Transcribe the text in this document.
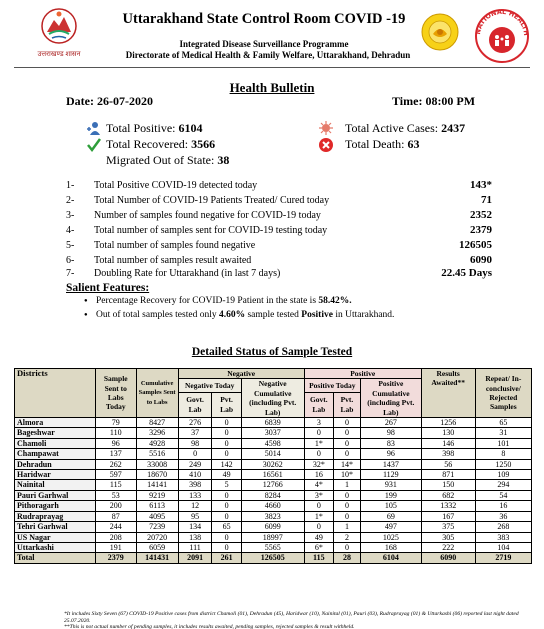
उत्तराखण्ड शासन
Uttarakhand State Control Room COVID -19
Integrated Disease Surveillance Programme
Directorate of Medical Health & Family Welfare, Uttarakhand, Dehradun
NATIONAL HEALTH
Health Bulletin
Date: 26-07-2020	Time: 08:00 PM
Total Positive: 6104
Total Recovered: 3566
Migrated Out of State: 38
Total Active Cases: 2437
Total Death: 63
1- Total Positive COVID-19 detected today	143*
2- Total Number of COVID-19 Patients Treated/ Cured today	71
3- Number of samples found negative for COVID-19 today	2352
4- Total number of samples sent for COVID-19 testing today	2379
5- Total number of samples found negative	126505
6- Total number of samples result awaited	6090
7- Doubling Rate for Uttarakhand (in last 7 days)	22.45 Days
Salient Features:
● Percentage Recovery for COVID-19 Patient in the state is 58.42%.
● Out of total samples tested only 4.60% sample tested Positive in Uttarakhand.
Detailed Status of Sample Tested
Districts	Sample Sent to Labs Today	Cumulative Samples Sent to Labs	Negative			Positive			Results Awaited**	Repeat/ In-conclusive/ Rejected Samples
			Negative Today		Negative Cumulative (including Pvt. Lab)	Positive Today		Positive Cumulative (including Pvt. Lab)		
			Govt. Lab	Pvt. Lab		Govt. Lab	Pvt. Lab			
Almora	79	8427	276	0	6839	3	0	267	1256	65
Bageshwar	110	3296	37	0	3037	0	0	98	130	31
Chamoli	96	4928	98	0	4598	1*	0	83	146	101
Champawat	137	5516	0	0	5014	0	0	96	398	8
Dehradun	262	33008	249	142	30262	32*	14*	1437	56	1250
Haridwar	597	18670	410	49	16561	16	10*	1129	871	109
Nainital	115	14141	398	5	12766	4*	1	931	150	294
Pauri Garhwal	53	9219	133	0	8284	3*	0	199	682	54
Pithoragarh	200	6113	12	0	4660	0	0	105	1332	16
Rudraprayag	87	4095	95	0	3823	1*	0	69	167	36
Tehri Garhwal	244	7239	134	65	6099	0	1	497	375	268
US Nagar	208	20720	138	0	18997	49	2	1025	305	383
Uttarkashi	191	6059	111	0	5565	6*	0	168	222	104
Total	2379	141431	2091	261	126505	115	28	6104	6090	2719
*It includes Sixty Seven (67) COVID-19 Positive cases from district Chamoli (01), Dehradun (45), Haridwar (10), Nainital (01), Pauri (03), Rudraprayag (01) & Uttarkashi (06) reported last night dated 25.07.2020.
**This is not actual number of pending samples, it includes results awaited, pending samples, rejected samples & result withheld.
